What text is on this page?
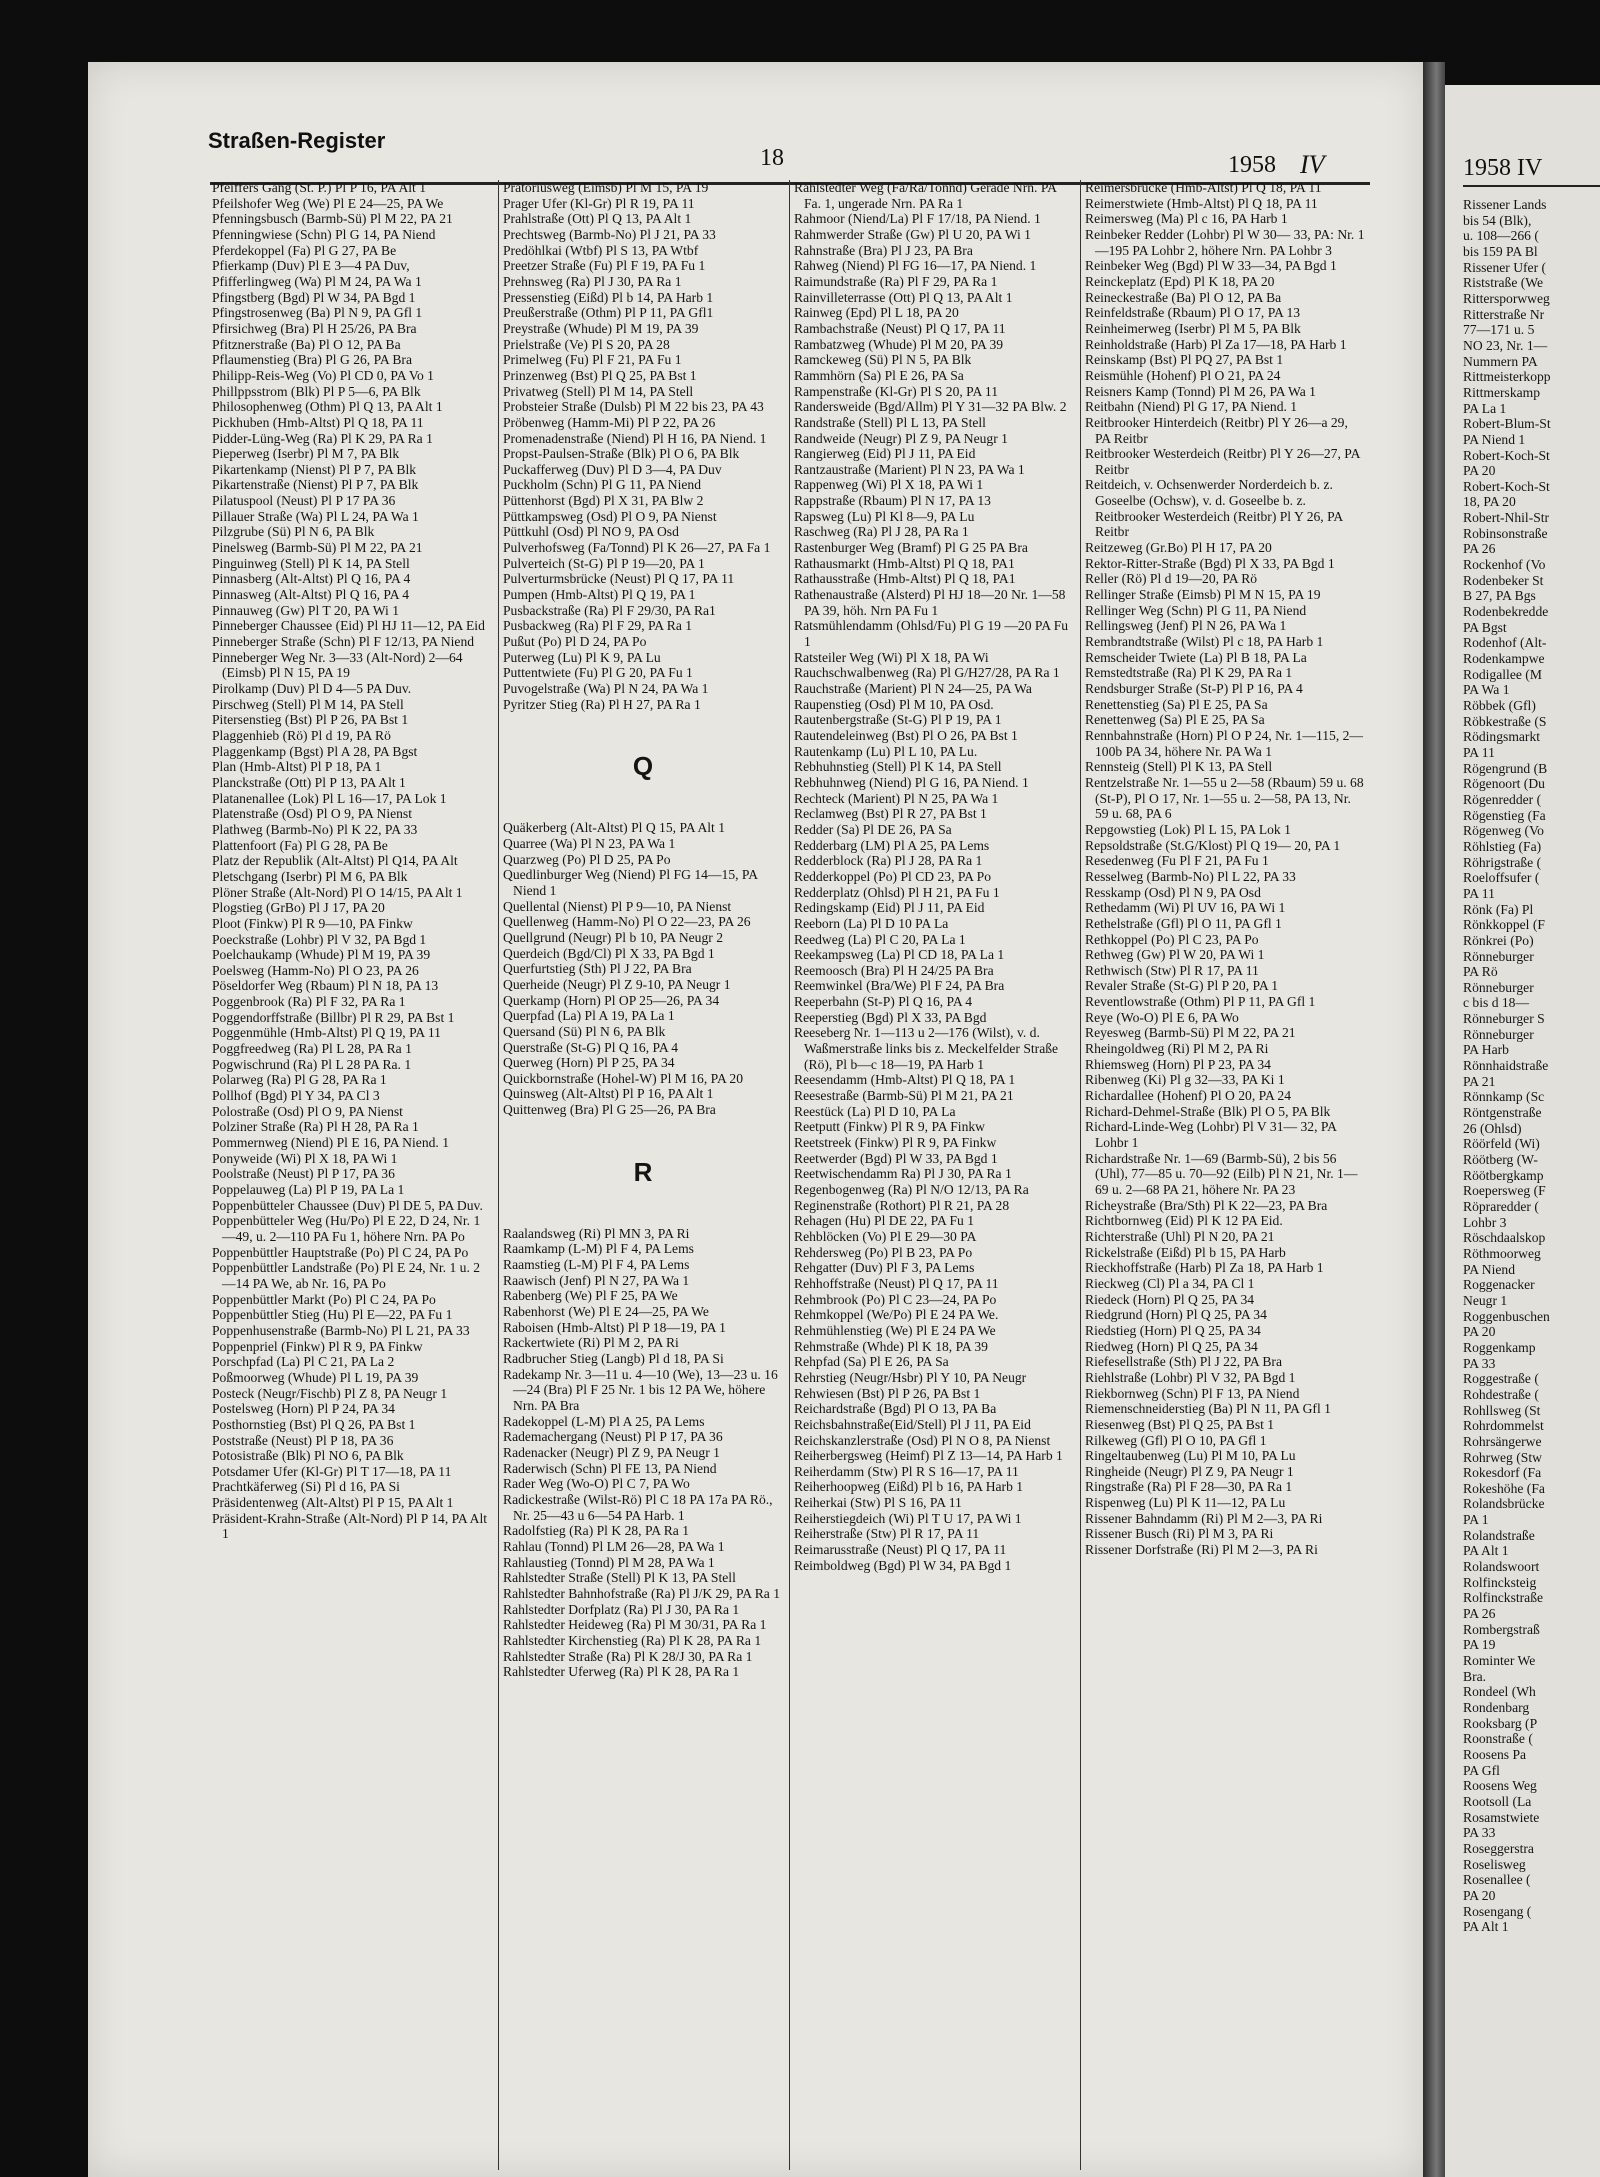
Straßen-Register
18	1958 IV

Pfeiffers Gang (St. P.) Pl P 16, PA Alt 1

Pfeilshofer Weg (We) Pl E 24—25, PA We

Pfenningsbusch (Barmb-Sü) Pl M 22, PA 21

Pfenningwiese (Schn) Pl G 14, PA Niend

Pferdekoppel (Fa) Pl G 27, PA Be

Pfierkamp (Duv) Pl E 3—4 PA Duv,

Pfifferlingweg (Wa) Pl M 24, PA Wa 1

Pfingstberg (Bgd) Pl W 34, PA Bgd 1

Pfingstrosenweg (Ba) Pl N 9, PA Gfl 1

Pfirsichweg (Bra) Pl H 25/26, PA Bra

Pfitznerstraße (Ba) Pl O 12, PA Ba

Pflaumenstieg (Bra) Pl G 26, PA Bra

Philipp-Reis-Weg (Vo) Pl CD 0, PA Vo 1

Phillppsstrom (Blk) Pl P 5—6, PA Blk

Philosophenweg (Othm) Pl Q 13, PA Alt 1

Pickhuben (Hmb-Altst) Pl Q 18, PA 11

Pidder-Lüng-Weg (Ra) Pl K 29, PA Ra 1

Pieperweg (Iserbr) Pl M 7, PA Blk

Pikartenkamp (Nienst) Pl P 7, PA Blk

Pikartenstraße (Nienst) Pl P 7, PA Blk

Pilatuspool (Neust) Pl P 17 PA 36

Pillauer Straße (Wa) Pl L 24, PA Wa 1

Pilzgrube (Sü) Pl N 6, PA Blk

Pinelsweg (Barmb-Sü) Pl M 22, PA 21

Pinguinweg (Stell) Pl K 14, PA Stell

Pinnasberg (Alt-Altst) Pl Q 16, PA 4

Pinnasweg (Alt-Altst) Pl Q 16, PA 4

Pinnauweg (Gw) Pl T 20, PA Wi 1

Pinneberger Chaussee (Eid) Pl HJ 11—12, PA Eid

Pinneberger Straße (Schn) Pl F 12/13, PA Niend

Pinneberger Weg Nr. 3—33 (Alt-Nord) 2—64 (Eimsb) Pl N 15, PA 19

Pirolkamp (Duv) Pl D 4—5 PA Duv.

Pirschweg (Stell) Pl M 14, PA Stell

Pitersenstieg (Bst) Pl P 26, PA Bst 1

Plaggenhieb (Rö) Pl d 19, PA Rö

Plaggenkamp (Bgst) Pl A 28, PA Bgst

Plan (Hmb-Altst) Pl P 18, PA 1

Planckstraße (Ott) Pl P 13, PA Alt 1

Platanenallee (Lok) Pl L 16—17, PA Lok 1

Platenstraße (Osd) Pl O 9, PA Nienst

Plathweg (Barmb-No) Pl K 22, PA 33

Plattenfoort (Fa) Pl G 28, PA Be

Platz der Republik (Alt-Altst) Pl Q14, PA Alt

Pletschgang (Iserbr) Pl M 6, PA Blk

Plöner Straße (Alt-Nord) Pl O 14/15, PA Alt 1

Plogstieg (GrBo) Pl J 17, PA 20

Ploot (Finkw) Pl R 9—10, PA Finkw

Poeckstraße (Lohbr) Pl V 32, PA Bgd 1

Poelchaukamp (Whude) Pl M 19, PA 39

Poelsweg (Hamm-No) Pl O 23, PA 26

Pöseldorfer Weg (Rbaum) Pl N 18, PA 13

Poggenbrook (Ra) Pl F 32, PA Ra 1

Poggendorffstraße (Billbr) Pl R 29, PA Bst 1

Poggenmühle (Hmb-Altst) Pl Q 19, PA 11

Poggfreedweg (Ra) Pl L 28, PA Ra 1

Pogwischrund (Ra) Pl L 28 PA Ra. 1

Polarweg (Ra) Pl G 28, PA Ra 1

Pollhof (Bgd) Pl Y 34, PA Cl 3

Polostraße (Osd) Pl O 9, PA Nienst

Polziner Straße (Ra) Pl H 28, PA Ra 1

Pommernweg (Niend) Pl E 16, PA Niend. 1

Ponyweide (Wi) Pl X 18, PA Wi 1

Poolstraße (Neust) Pl P 17, PA 36

Poppelauweg (La) Pl P 19, PA La 1

Poppenbütteler Chaussee (Duv) Pl DE 5, PA Duv.

Poppenbütteler Weg (Hu/Po) Pl E 22, D 24, Nr. 1—49, u. 2—110 PA Fu 1, höhere Nrn. PA Po

Poppenbüttler Hauptstraße (Po) Pl C 24, PA Po

Poppenbüttler Landstraße (Po) Pl E 24, Nr. 1 u. 2—14 PA We, ab Nr. 16, PA Po

Poppenbüttler Markt (Po) Pl C 24, PA Po

Poppenbüttler Stieg (Hu) Pl E—22, PA Fu 1

Poppenhusenstraße (Barmb-No) Pl L 21, PA 33

Poppenpriel (Finkw) Pl R 9, PA Finkw

Porschpfad (La) Pl C 21, PA La 2

Poßmoorweg (Whude) Pl L 19, PA 39

Posteck (Neugr/Fischb) Pl Z 8, PA Neugr 1

Postelsweg (Horn) Pl P 24, PA 34

Posthornstieg (Bst) Pl Q 26, PA Bst 1

Poststraße (Neust) Pl P 18, PA 36

Potosistraße (Blk) Pl NO 6, PA Blk

Potsdamer Ufer (Kl-Gr) Pl T 17—18, PA 11

Prachtkäferweg (Si) Pl d 16, PA Si

Präsidentenweg (Alt-Altst) Pl P 15, PA Alt 1

Präsident-Krahn-Straße (Alt-Nord) Pl P 14, PA Alt 1

Prätoriusweg (Eimsb) Pl M 15, PA 19

Prager Ufer (Kl-Gr) Pl R 19, PA 11

Prahlstraße (Ott) Pl Q 13, PA Alt 1

Prechtsweg (Barmb-No) Pl J 21, PA 33

Predöhlkai (Wtbf) Pl S 13, PA Wtbf

Preetzer Straße (Fu) Pl F 19, PA Fu 1

Prehnsweg (Ra) Pl J 30, PA Ra 1

Pressenstieg (Eißd) Pl b 14, PA Harb 1

Preußerstraße (Othm) Pl P 11, PA Gfl1

Preystraße (Whude) Pl M 19, PA 39

Prielstraße (Ve) Pl S 20, PA 28

Primelweg (Fu) Pl F 21, PA Fu 1

Prinzenweg (Bst) Pl Q 25, PA Bst 1

Privatweg (Stell) Pl M 14, PA Stell

Probsteier Straße (Dulsb) Pl M 22 bis 23, PA 43

Pröbenweg (Hamm-Mi) Pl P 22, PA 26

Promenadenstraße (Niend) Pl H 16, PA Niend. 1

Propst-Paulsen-Straße (Blk) Pl O 6, PA Blk

Puckafferweg (Duv) Pl D 3—4, PA Duv

Puckholm (Schn) Pl G 11, PA Niend

Püttenhorst (Bgd) Pl X 31, PA Blw 2

Püttkampsweg (Osd) Pl O 9, PA Nienst

Püttkuhl (Osd) Pl NO 9, PA Osd

Pulverhofsweg (Fa/Tonnd) Pl K 26—27, PA Fa 1

Pulverteich (St-G) Pl P 19—20, PA 1

Pulverturmsbrücke (Neust) Pl Q 17, PA 11

Pumpen (Hmb-Altst) Pl Q 19, PA 1

Pusbackstraße (Ra) Pl F 29/30, PA Ra1

Pusbackweg (Ra) Pl F 29, PA Ra 1

Pußut (Po) Pl D 24, PA Po

Puterweg (Lu) Pl K 9, PA Lu

Puttentwiete (Fu) Pl G 20, PA Fu 1

Puvogelstraße (Wa) Pl N 24, PA Wa 1

Pyritzer Stieg (Ra) Pl H 27, PA Ra 1

Q

Quäkerberg (Alt-Altst) Pl Q 15, PA Alt 1

Quarree (Wa) Pl N 23, PA Wa 1

Quarzweg (Po) Pl D 25, PA Po

Quedlinburger Weg (Niend) Pl FG 14—15, PA Niend 1

Quellental (Nienst) Pl P 9—10, PA Nienst

Quellenweg (Hamm-No) Pl O 22—23, PA 26

Quellgrund (Neugr) Pl b 10, PA Neugr 2

Querdeich (Bgd/Cl) Pl X 33, PA Bgd 1

Querfurtstieg (Sth) Pl J 22, PA Bra

Querheide (Neugr) Pl Z 9-10, PA Neugr 1

Querkamp (Horn) Pl OP 25—26, PA 34

Querpfad (La) Pl A 19, PA La 1

Quersand (Sü) Pl N 6, PA Blk

Querstraße (St-G) Pl Q 16, PA 4

Querweg (Horn) Pl P 25, PA 34

Quickbornstraße (Hohel-W) Pl M 16, PA 20

Quinsweg (Alt-Altst) Pl P 16, PA Alt 1

Quittenweg (Bra) Pl G 25—26, PA Bra

R

Raalandsweg (Ri) Pl MN 3, PA Ri

Raamkamp (L-M) Pl F 4, PA Lems

Raamstieg (L-M) Pl F 4, PA Lems

Raawisch (Jenf) Pl N 27, PA Wa 1

Rabenberg (We) Pl F 25, PA We

Rabenhorst (We) Pl E 24—25, PA We

Raboisen (Hmb-Altst) Pl P 18—19, PA 1

Rackertwiete (Ri) Pl M 2, PA Ri

Radbrucher Stieg (Langb) Pl d 18, PA Si

Radekamp Nr. 3—11 u. 4—10 (We), 13—23 u. 16—24 (Bra) Pl F 25 Nr. 1 bis 12 PA We, höhere Nrn. PA Bra

Radekoppel (L-M) Pl A 25, PA Lems

Rademachergang (Neust) Pl P 17, PA 36

Radenacker (Neugr) Pl Z 9, PA Neugr 1

Raderwisch (Schn) Pl FE 13, PA Niend

Rader Weg (Wo-O) Pl C 7, PA Wo

Radickestraße (Wilst-Rö) Pl C 18 PA 17a PA Rö., Nr. 25—43 u 6—54 PA Harb. 1

Radolfstieg (Ra) Pl K 28, PA Ra 1

Rahlau (Tonnd) Pl LM 26—28, PA Wa 1

Rahlaustieg (Tonnd) Pl M 28, PA Wa 1

Rahlstedter Straße (Stell) Pl K 13, PA Stell

Rahlstedter Bahnhofstraße (Ra) Pl J/K 29, PA Ra 1

Rahlstedter Dorfplatz (Ra) Pl J 30, PA Ra 1

Rahlstedter Heideweg (Ra) Pl M 30/31, PA Ra 1

Rahlstedter Kirchenstieg (Ra) Pl K 28, PA Ra 1

Rahlstedter Straße (Ra) Pl K 28/J 30, PA Ra 1

Rahlstedter Uferweg (Ra) Pl K 28, PA Ra 1

Rahlstedter Weg (Fa/Ra/Tonnd) Gerade Nrn. PA Fa. 1, ungerade Nrn. PA Ra 1

Rahmoor (Niend/La) Pl F 17/18, PA Niend. 1

Rahmwerder Straße (Gw) Pl U 20, PA Wi 1

Rahnstraße (Bra) Pl J 23, PA Bra

Rahweg (Niend) Pl FG 16—17, PA Niend. 1

Raimundstraße (Ra) Pl F 29, PA Ra 1

Rainvilleterrasse (Ott) Pl Q 13, PA Alt 1

Rainweg (Epd) Pl L 18, PA 20

Rambachstraße (Neust) Pl Q 17, PA 11

Rambatzweg (Whude) Pl M 20, PA 39

Ramckeweg (Sü) Pl N 5, PA Blk

Rammhörn (Sa) Pl E 26, PA Sa

Rampenstraße (Kl-Gr) Pl S 20, PA 11

Randersweide (Bgd/Allm) Pl Y 31—32 PA Blw. 2

Randstraße (Stell) Pl L 13, PA Stell

Randweide (Neugr) Pl Z 9, PA Neugr 1

Rangierweg (Eid) Pl J 11, PA Eid

Rantzaustraße (Marient) Pl N 23, PA Wa 1

Rappenweg (Wi) Pl X 18, PA Wi 1

Rappstraße (Rbaum) Pl N 17, PA 13

Rapsweg (Lu) Pl Kl 8—9, PA Lu

Raschweg (Ra) Pl J 28, PA Ra 1

Rastenburger Weg (Bramf) Pl G 25 PA Bra

Rathausmarkt (Hmb-Altst) Pl Q 18, PA1

Rathausstraße (Hmb-Altst) Pl Q 18, PA1

Rathenaustraße (Alsterd) Pl HJ 18—20 Nr. 1—58 PA 39, höh. Nrn PA Fu 1

Ratsmühlendamm (Ohlsd/Fu) Pl G 19 —20 PA Fu 1

Ratsteiler Weg (Wi) Pl X 18, PA Wi

Rauchschwalbenweg (Ra) Pl G/H27/28, PA Ra 1

Rauchstraße (Marient) Pl N 24—25, PA Wa

Raupenstieg (Osd) Pl M 10, PA Osd.

Rautenbergstraße (St-G) Pl P 19, PA 1

Rautendeleinweg (Bst) Pl O 26, PA Bst 1

Rautenkamp (Lu) Pl L 10, PA Lu.

Rebhuhnstieg (Stell) Pl K 14, PA Stell

Rebhuhnweg (Niend) Pl G 16, PA Niend. 1

Rechteck (Marient) Pl N 25, PA Wa 1

Reclamweg (Bst) Pl R 27, PA Bst 1

Redder (Sa) Pl DE 26, PA Sa

Redderbarg (LM) Pl A 25, PA Lems

Redderblock (Ra) Pl J 28, PA Ra 1

Redderkoppel (Po) Pl CD 23, PA Po

Redderplatz (Ohlsd) Pl H 21, PA Fu 1

Redingskamp (Eid) Pl J 11, PA Eid

Reeborn (La) Pl D 10 PA La

Reedweg (La) Pl C 20, PA La 1

Reekampsweg (La) Pl CD 18, PA La 1

Reemoosch (Bra) Pl H 24/25 PA Bra

Reemwinkel (Bra/We) Pl F 24, PA Bra

Reeperbahn (St-P) Pl Q 16, PA 4

Reeperstieg (Bgd) Pl X 33, PA Bgd

Reeseberg Nr. 1—113 u 2—176 (Wilst), v. d. Waßmerstraße links bis z. Meckelfelder Straße (Rö), Pl b—c 18—19, PA Harb 1

Reesendamm (Hmb-Altst) Pl Q 18, PA 1

Reesestraße (Barmb-Sü) Pl M 21, PA 21

Reestück (La) Pl D 10, PA La

Reetputt (Finkw) Pl R 9, PA Finkw

Reetstreek (Finkw) Pl R 9, PA Finkw

Reetwerder (Bgd) Pl W 33, PA Bgd 1

Reetwischendamm Ra) Pl J 30, PA Ra 1

Regenbogenweg (Ra) Pl N/O 12/13, PA Ra

Reginenstraße (Rothort) Pl R 21, PA 28

Rehagen (Hu) Pl DE 22, PA Fu 1

Rehblöcken (Vo) Pl E 29—30 PA

Rehdersweg (Po) Pl B 23, PA Po

Rehgatter (Duv) Pl F 3, PA Lems

Rehhoffstraße (Neust) Pl Q 17, PA 11

Rehmbrook (Po) Pl C 23—24, PA Po

Rehmkoppel (We/Po) Pl E 24 PA We.

Rehmühlenstieg (We) Pl E 24 PA We

Rehmstraße (Whde) Pl K 18, PA 39

Rehpfad (Sa) Pl E 26, PA Sa

Rehrstieg (Neugr/Hsbr) Pl Y 10, PA Neugr

Rehwiesen (Bst) Pl P 26, PA Bst 1

Reichardstraße (Bgd) Pl O 13, PA Ba

Reichsbahnstraße(Eid/Stell) Pl J 11, PA Eid

Reichskanzlerstraße (Osd) Pl N O 8, PA Nienst

Reiherbergsweg (Heimf) Pl Z 13—14, PA Harb 1

Reiherdamm (Stw) Pl R S 16—17, PA 11

Reiherhoopweg (Eißd) Pl b 16, PA Harb 1

Reiherkai (Stw) Pl S 16, PA 11

Reiherstiegdeich (Wi) Pl T U 17, PA Wi 1

Reiherstraße (Stw) Pl R 17, PA 11

Reimarusstraße (Neust) Pl Q 17, PA 11

Reimboldweg (Bgd) Pl W 34, PA Bgd 1

Reimersbrücke (Hmb-Altst) Pl Q 18, PA 11

Reimerstwiete (Hmb-Altst) Pl Q 18, PA 11

Reimersweg (Ma) Pl c 16, PA Harb 1

Reinbeker Redder (Lohbr) Pl W 30— 33, PA: Nr. 1—195 PA Lohbr 2, höhere Nrn. PA Lohbr 3

Reinbeker Weg (Bgd) Pl W 33—34, PA Bgd 1

Reinckeplatz (Epd) Pl K 18, PA 20

Reineckestraße (Ba) Pl O 12, PA Ba

Reinfeldstraße (Rbaum) Pl O 17, PA 13

Reinheimerweg (Iserbr) Pl M 5, PA Blk

Reinholdstraße (Harb) Pl Za 17—18, PA Harb 1

Reinskamp (Bst) Pl PQ 27, PA Bst 1

Reismühle (Hohenf) Pl O 21, PA 24

Reisners Kamp (Tonnd) Pl M 26, PA Wa 1

Reitbahn (Niend) Pl G 17, PA Niend. 1

Reitbrooker Hinterdeich (Reitbr) Pl Y 26—a 29, PA Reitbr

Reitbrooker Westerdeich (Reitbr) Pl Y 26—27, PA Reitbr

Reitdeich, v. Ochsenwerder Norderdeich b. z. Goseelbe (Ochsw), v. d. Goseelbe b. z. Reitbrooker Westerdeich (Reitbr) Pl Y 26, PA Reitbr

Reitzeweg (Gr.Bo) Pl H 17, PA 20

Rektor-Ritter-Straße (Bgd) Pl X 33, PA Bgd 1

Reller (Rö) Pl d 19—20, PA Rö

Rellinger Straße (Eimsb) Pl M N 15, PA 19

Rellinger Weg (Schn) Pl G 11, PA Niend

Rellingsweg (Jenf) Pl N 26, PA Wa 1

Rembrandtstraße (Wilst) Pl c 18, PA Harb 1

Remscheider Twiete (La) Pl B 18, PA La

Remstedtstraße (Ra) Pl K 29, PA Ra 1

Rendsburger Straße (St-P) Pl P 16, PA 4

Renettenstieg (Sa) Pl E 25, PA Sa

Renettenweg (Sa) Pl E 25, PA Sa

Rennbahnstraße (Horn) Pl O P 24, Nr. 1—115, 2—100b PA 34, höhere Nr. PA Wa 1

Rennsteig (Stell) Pl K 13, PA Stell

Rentzelstraße Nr. 1—55 u 2—58 (Rbaum) 59 u. 68 (St-P), Pl O 17, Nr. 1—55 u. 2—58, PA 13, Nr. 59 u. 68, PA 6

Repgowstieg (Lok) Pl L 15, PA Lok 1

Repsoldstraße (St.G/Klost) Pl Q 19— 20, PA 1

Resedenweg (Fu Pl F 21, PA Fu 1

Resselweg (Barmb-No) Pl L 22, PA 33

Resskamp (Osd) Pl N 9, PA Osd

Rethedamm (Wi) Pl UV 16, PA Wi 1

Rethelstraße (Gfl) Pl O 11, PA Gfl 1

Rethkoppel (Po) Pl C 23, PA Po

Rethweg (Gw) Pl W 20, PA Wi 1

Rethwisch (Stw) Pl R 17, PA 11

Revaler Straße (St-G) Pl P 20, PA 1

Reventlowstraße (Othm) Pl P 11, PA Gfl 1

Reye (Wo-O) Pl E 6, PA Wo

Reyesweg (Barmb-Sü) Pl M 22, PA 21

Rheingoldweg (Ri) Pl M 2, PA Ri

Rhiemsweg (Horn) Pl P 23, PA 34

Ribenweg (Ki) Pl g 32—33, PA Ki 1

Richardallee (Hohenf) Pl O 20, PA 24

Richard-Dehmel-Straße (Blk) Pl O 5, PA Blk

Richard-Linde-Weg (Lohbr) Pl V 31— 32, PA Lohbr 1

Richardstraße Nr. 1—69 (Barmb-Sü), 2 bis 56 (Uhl), 77—85 u. 70—92 (Eilb) Pl N 21, Nr. 1—69 u. 2—68 PA 21, höhere Nr. PA 23

Richeystraße (Bra/Sth) Pl K 22—23, PA Bra

Richtbornweg (Eid) Pl K 12 PA Eid.

Richterstraße (Uhl) Pl N 20, PA 21

Rickelstraße (Eißd) Pl b 15, PA Harb

Rieckhoffstraße (Harb) Pl Za 18, PA Harb 1

Rieckweg (Cl) Pl a 34, PA Cl 1

Riedeck (Horn) Pl Q 25, PA 34

Riedgrund (Horn) Pl Q 25, PA 34

Riedstieg (Horn) Pl Q 25, PA 34

Riedweg (Horn) Pl Q 25, PA 34

Riefesellstraße (Sth) Pl J 22, PA Bra

Riehlstraße (Lohbr) Pl V 32, PA Bgd 1

Riekbornweg (Schn) Pl F 13, PA Niend

Riemenschneiderstieg (Ba) Pl N 11, PA Gfl 1

Riesenweg (Bst) Pl Q 25, PA Bst 1

Rilkeweg (Gfl) Pl O 10, PA Gfl 1

Ringeltaubenweg (Lu) Pl M 10, PA Lu

Ringheide (Neugr) Pl Z 9, PA Neugr 1

Ringstraße (Ra) Pl F 28—30, PA Ra 1

Rispenweg (Lu) Pl K 11—12, PA Lu

Rissener Bahndamm (Ri) Pl M 2—3, PA Ri

Rissener Busch (Ri) Pl M 3, PA Ri

Rissener Dorfstraße (Ri) Pl M 2—3, PA Ri

1958 IV
Rissener Lands
bis 54 (Blk),
u. 108—266 (
bis 159 PA Bl
Rissener Ufer (
Riststraße (We
Rittersporwweg
Ritterstraße Nr
77—171 u. 5
NO 23, Nr. 1—
Nummern PA
Rittmeisterkopp
Rittmerskamp
PA La 1
Robert-Blum-St
PA Niend 1
Robert-Koch-St
PA 20
Robert-Koch-St
18, PA 20
Robert-Nhil-Str
Robinsonstraße
PA 26
Rockenhof (Vo
Rodenbeker St
B 27, PA Bgs
Rodenbekredde
PA Bgst
Rodenhof (Alt-
Rodenkampwe
Rodigallee (M
PA Wa 1
Röbbek (Gfl)
Röbkestraße (S
Rödingsmarkt
PA 11
Rögengrund (B
Rögenoort (Du
Rögenredder (
Rögenstieg (Fa
Rögenweg (Vo
Röhlstieg (Fa)
Röhrigstraße (
Roeloffsufer (
PA 11
Rönk (Fa) Pl
Rönkkoppel (F
Rönkrei (Po)
Rönneburger
PA Rö
Rönneburger
c bis d 18—
Rönneburger S
Rönneburger
PA Harb
Rönnhaidstraße
PA 21
Rönnkamp (Sc
Röntgenstraße
26 (Ohlsd)
Röörfeld (Wi)
Röötberg (W-
Röötbergkamp
Roepersweg (F
Röpraredder (
Lohbr 3
Röschdaalskop
Röthmoorweg
PA Niend
Roggenacker
Neugr 1
Roggenbuschen
PA 20
Roggenkamp
PA 33
Roggestraße (
Rohdestraße (
Rohllsweg (St
Rohrdommelst
Rohrsängerwe
Rohrweg (Stw
Rokesdorf (Fa
Rokeshöhe (Fa
Rolandsbrücke
PA 1
Rolandstraße
PA Alt 1
Rolandswoort
Rolfincksteig
Rolfinckstraße
PA 26
Rombergstraß
PA 19
Rominter We
Bra.
Rondeel (Wh
Rondenbarg
Rooksbarg (P
Roonstraße (
Roosens Pa
PA Gfl
Roosens Weg
Rootsoll (La
Rosamstwiete
PA 33
Roseggerstra
Roselisweg
Rosenallee (
PA 20
Rosengang (
PA Alt 1
